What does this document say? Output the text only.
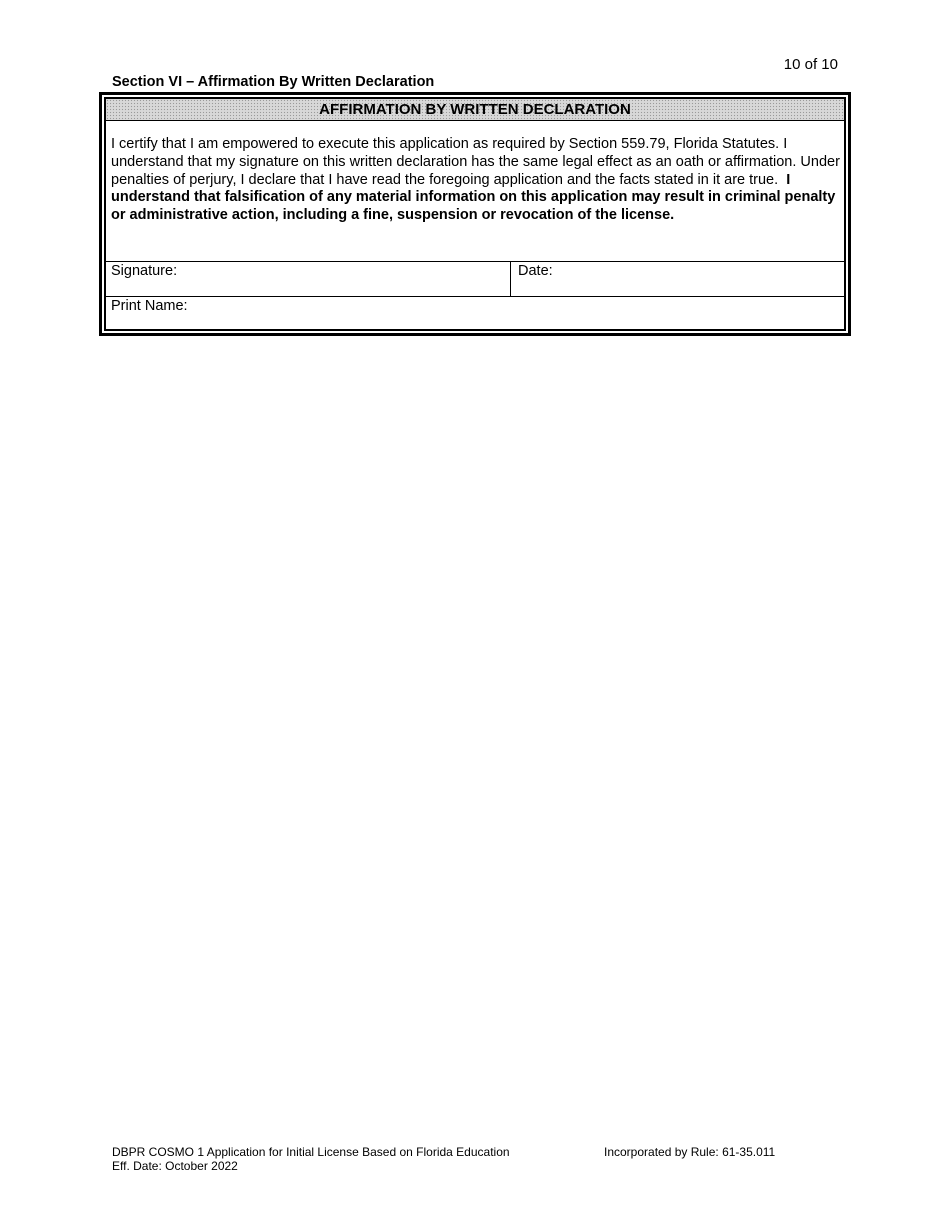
10 of 10
Section VI – Affirmation By Written Declaration
AFFIRMATION BY WRITTEN DECLARATION
I certify that I am empowered to execute this application as required by Section 559.79, Florida Statutes. I understand that my signature on this written declaration has the same legal effect as an oath or affirmation. Under penalties of perjury, I declare that I have read the foregoing application and the facts stated in it are true. I understand that falsification of any material information on this application may result in criminal penalty or administrative action, including a fine, suspension or revocation of the license.
Signature:	Date:
Print Name:
DBPR COSMO 1 Application for Initial License Based on Florida Education
Eff. Date: October 2022
Incorporated by Rule: 61-35.011
